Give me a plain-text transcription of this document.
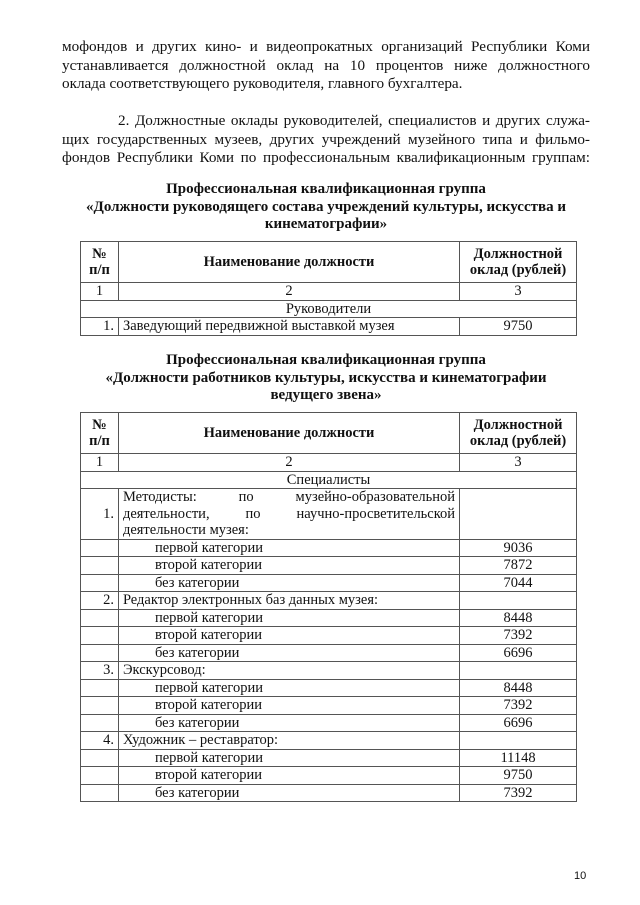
мофондов и других кино- и видеопрокатных организаций Республики Коми
устанавливается должностной оклад на 10 процентов ниже должностного
оклада соответствующего руководителя, главного бухгалтера.
2. Должностные оклады руководителей, специалистов и других служа-
щих государственных музеев, других учреждений музейного типа и фильмо-
фондов Республики Коми по профессиональным квалификационным группам:
Профессиональная квалификационная группа
«Должности руководящего состава учреждений культуры, искусства и
кинематографии»
№ п/п	Наименование должности	Должностной оклад (рублей)
1	2	3
Руководители		
1.	Заведующий передвижной выставкой музея	9750
Профессиональная квалификационная группа
«Должности работников культуры, искусства и кинематографии
ведущего звена»
№ п/п	Наименование должности	Должностной оклад (рублей)
1	2	3
Специалисты		
1.	Методисты: по музейно-образовательной деятельности, по научно-просветительской деятельности музея:	
	первой категории	9036
	второй категории	7872
	без категории	7044
2.	Редактор электронных баз данных музея:	
	первой категории	8448
	второй категории	7392
	без категории	6696
3.	Экскурсовод:	
	первой категории	8448
	второй категории	7392
	без категории	6696
4.	Художник – реставратор:	
	первой категории	11148
	второй категории	9750
	без категории	7392
10
